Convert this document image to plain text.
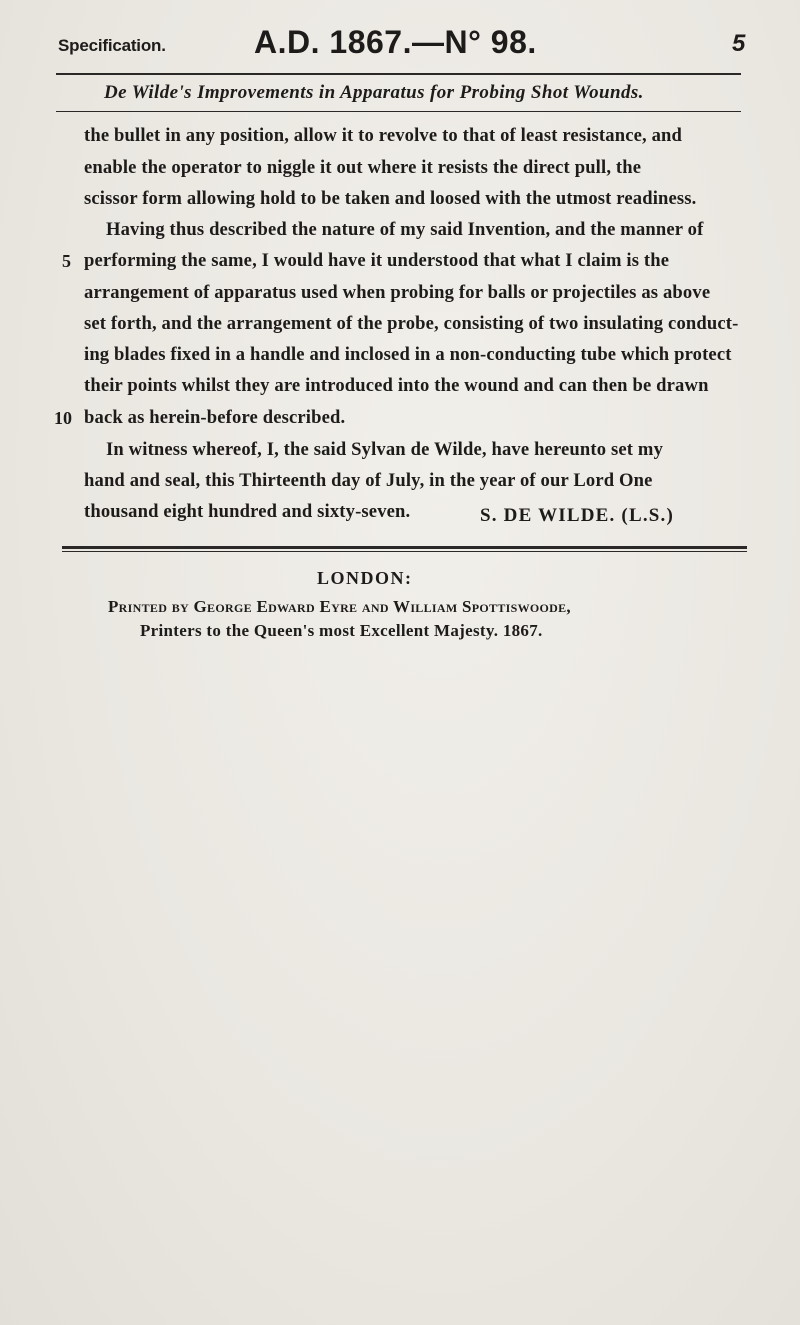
Specification.	A.D. 1867.—N° 98.	5
De Wilde's Improvements in Apparatus for Probing Shot Wounds.
the bullet in any position, allow it to revolve to that of least resistance, and
enable the operator to niggle it out where it resists the direct pull, the
scissor form allowing hold to be taken and loosed with the utmost readiness.
Having thus described the nature of my said Invention, and the manner of
5 performing the same, I would have it understood that what I claim is the
arrangement of apparatus used when probing for balls or projectiles as above
set forth, and the arrangement of the probe, consisting of two insulating conduct-
ing blades fixed in a handle and inclosed in a non-conducting tube which protect
their points whilst they are introduced into the wound and can then be drawn
10 back as herein-before described.
In witness whereof, I, the said Sylvan de Wilde, have hereunto set my
hand and seal, this Thirteenth day of July, in the year of our Lord One
thousand eight hundred and sixty-seven.	S. DE WILDE. (L.S.)
LONDON:
Printed by George Edward Eyre and William Spottiswoode,
Printers to the Queen's most Excellent Majesty. 1867.
